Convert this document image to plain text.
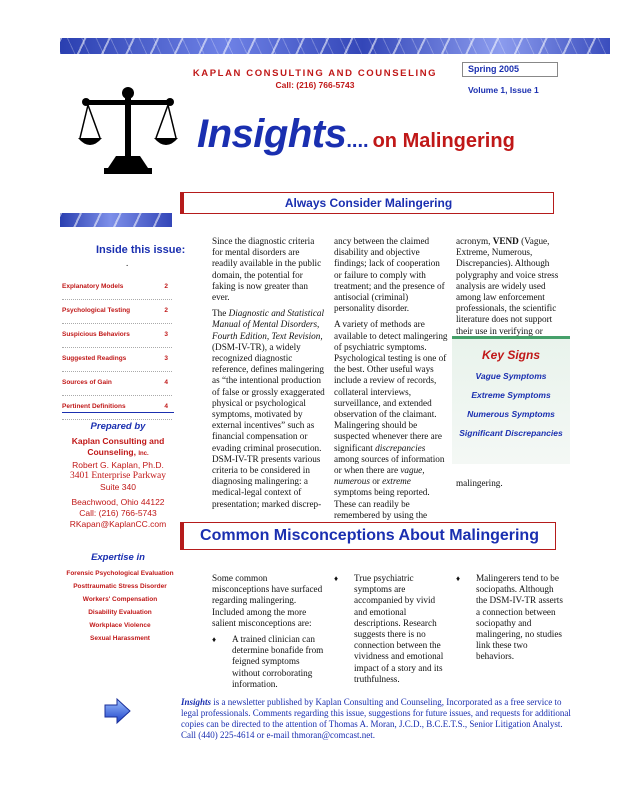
KAPLAN CONSULTING AND COUNSELING
Call: (216) 766-5743
Spring 2005
Volume 1, Issue 1
Insights.... on Malingering
Always Consider Malingering
Inside this issue:
.
Explanatory Models	2
Psychological Testing	2
Suspicious Behaviors	3
Suggested Readings	3
Sources of Gain	4
Pertinent Definitions	4
Prepared by
Kaplan Consulting and
Counseling, Inc.
Robert G. Kaplan, Ph.D.
3401 Enterprise Parkway
Suite 340
Beachwood, Ohio 44122
Call: (216) 766-5743
RKapan@KaplanCC.com
Expertise in
Forensic Psychological Evaluation
Posttraumatic Stress Disorder
Workers' Compensation
Disability Evaluation
Workplace Violence
Sexual Harassment

Since the diagnostic criteria for mental disorders are readily available in the public domain, the potential for faking is now greater than ever.

The Diagnostic and Statistical Manual of Mental Disorders, Fourth Edition, Text Revision, (DSM-IV-TR), a widely recognized diagnostic reference, defines malingering as “the intentional production of false or grossly exaggerated physical or psychological symptoms, motivated by external incentives” such as financial compensation or evading criminal prosecution. DSM-IV-TR presents various criteria to be considered in diagnosing malingering: a medical-legal context of presentation; marked discrep-

ancy between the claimed disability and objective findings; lack of cooperation or failure to comply with treatment; and the presence of antisocial (criminal) personality disorder.

A variety of methods are available to detect malingering of psychiatric symptoms. Psychological testing is one of the best. Other useful ways include a review of records, collateral interviews, surveillance, and extended observation of the claimant. Malingering should be suspected whenever there are significant discrepancies among sources of information or when there are vague, numerous or extreme symptoms being reported. These can readily be remembered by using the

acronym, VEND (Vague, Extreme, Numerous, Discrepancies). Although polygraphy and voice stress analysis are widely used among law enforcement professionals, the scientific literature does not support their use in verifying or

Key Signs
Vague Symptoms
Extreme Symptoms
Numerous Symptoms
Significant Discrepancies
malingering.
Common Misconceptions About Malingering

Some common misconceptions have surfaced regarding malingering. Included among the more salient misconceptions are:

♦ A trained clinician can determine bonafide from feigned symptoms without corroborating information.
♦ True psychiatric symptoms are accompanied by vivid and emotional descriptions. Research suggests there is no connection between the vividness and emotional impact of a story and its truthfulness.
♦ Malingerers tend to be sociopaths. Although the DSM-IV-TR asserts a connection between sociopathy and malingering, no studies link these two behaviors.
Insights is a newsletter published by Kaplan Consulting and Counseling, Incorporated as a free service to legal professionals. Comments regarding this issue, suggestions for future issues, and requests for additional copies can be directed to the attention of Thomas A. Moran, J.C.D., B.C.E.T.S., Senior Litigation Analyst. Call (440) 225-4614 or e-mail thmoran@comcast.net.
